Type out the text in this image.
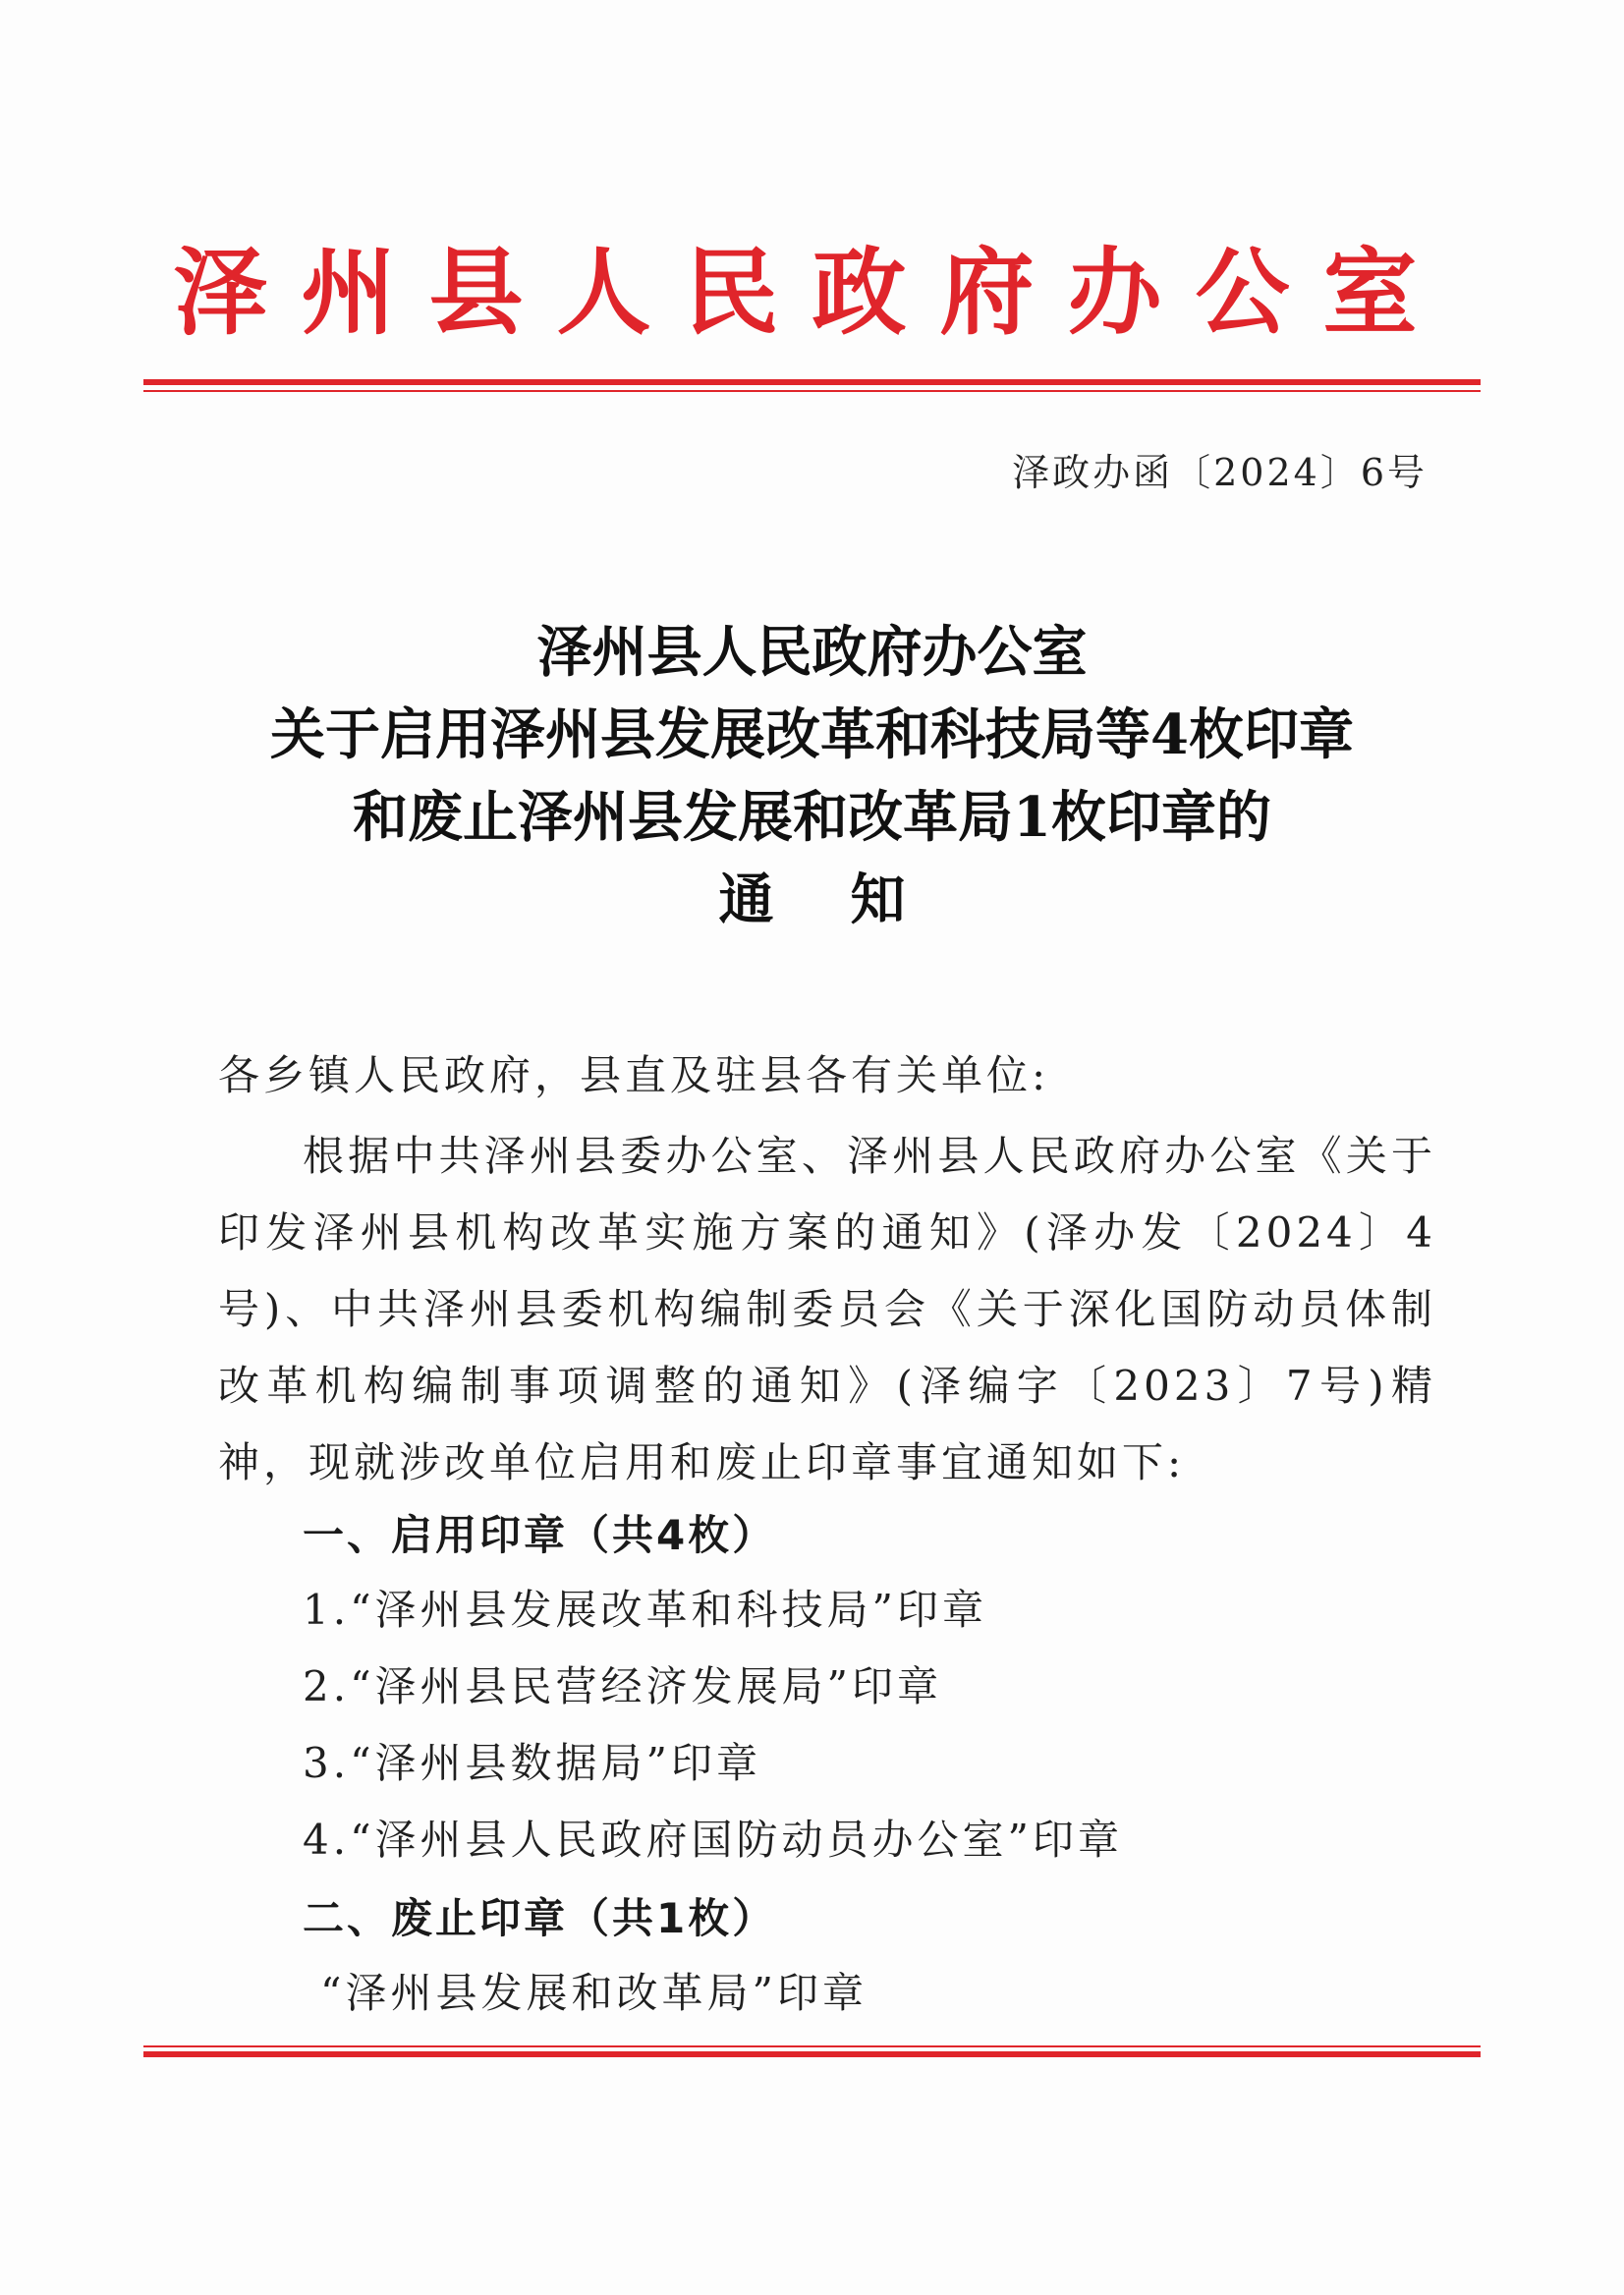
泽州县人民政府办公室
泽政办函〔2024〕6号
泽州县人民政府办公室
关于启用泽州县发展改革和科技局等4枚印章
和废止泽州县发展和改革局1枚印章的
通知
各乡镇人民政府，县直及驻县各有关单位:
根据中共泽州县委办公室、泽州县人民政府办公室《关于印发泽州县机构改革实施方案的通知》(泽办发〔2024〕4号)、中共泽州县委机构编制委员会《关于深化国防动员体制改革机构编制事项调整的通知》(泽编字〔2023〕7号)精神，现就涉改单位启用和废止印章事宜通知如下:
一、启用印章（共4枚）
1.“泽州县发展改革和科技局”印章
2.“泽州县民营经济发展局”印章
3.“泽州县数据局”印章
4.“泽州县人民政府国防动员办公室”印章
二、废止印章（共1枚）
“泽州县发展和改革局”印章
